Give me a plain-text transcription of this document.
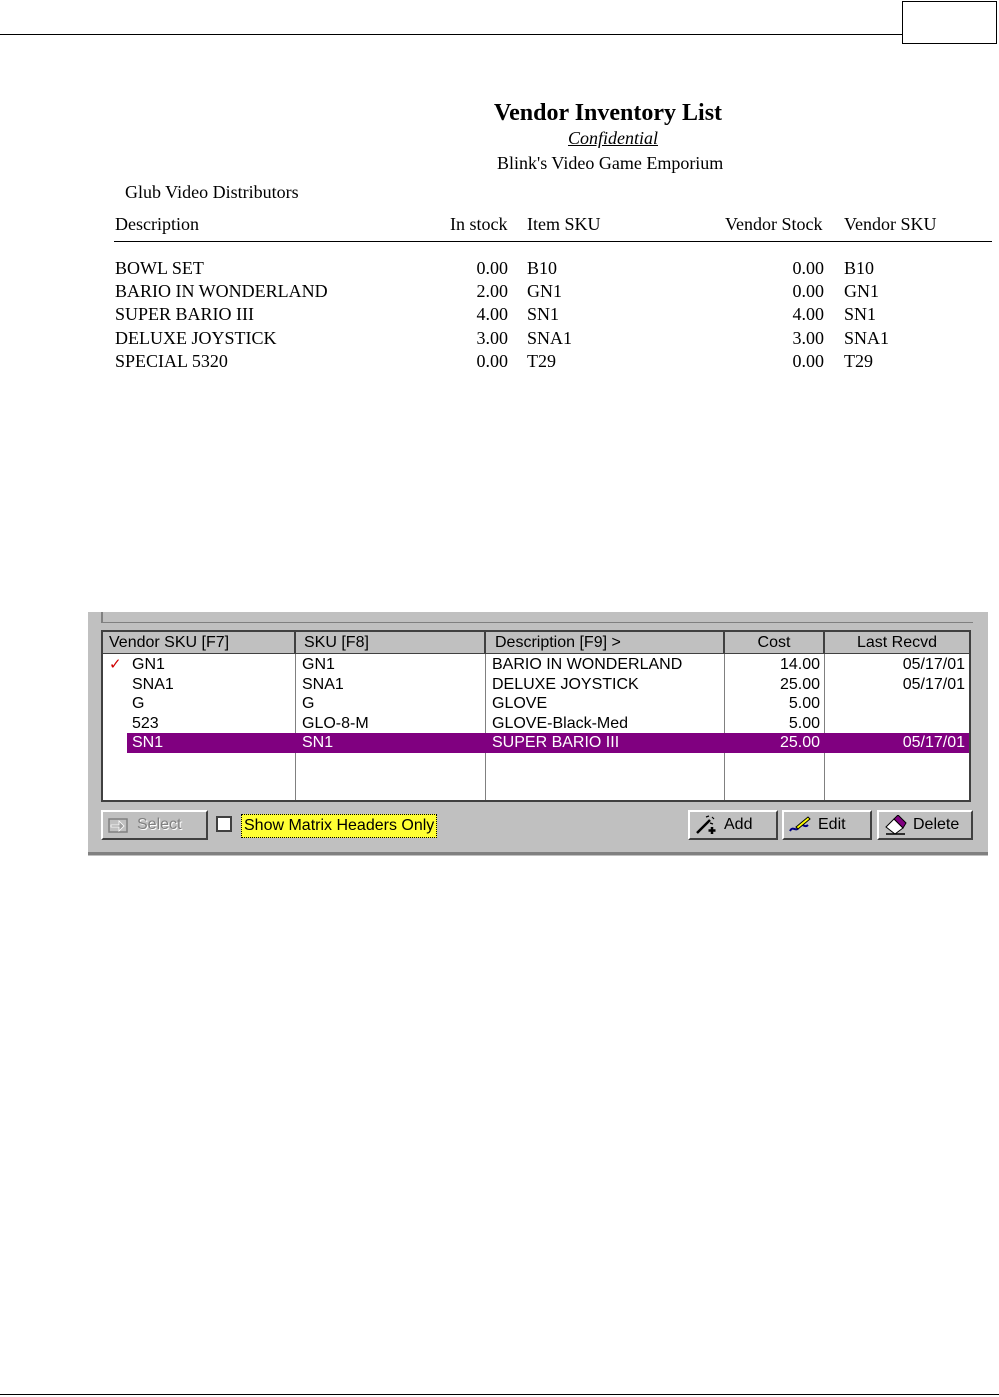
Vendor Inventory List
Confidential
Blink's Video Game Emporium
Glub Video Distributors
Description	In stock Item SKU	Vendor Stock Vendor SKU
BOWL SET	0.00 B10	0.00 B10
BARIO IN WONDERLAND	2.00 GN1	0.00 GN1
SUPER BARIO III	4.00 SN1	4.00 SN1
DELUXE JOYSTICK	3.00 SNA1	3.00 SNA1
SPECIAL 5320	0.00 T29	0.00 T29
Vendor SKU [F7]	SKU [F8]	Description [F9] >	Cost	Last Recvd
✓ GN1	GN1	BARIO IN WONDERLAND	14.00	05/17/01
SNA1	SNA1	DELUXE JOYSTICK	25.00	05/17/01
G	G	GLOVE	5.00
523	GLO-8-M	GLOVE-Black-Med	5.00
SN1	SN1	SUPER BARIO III	25.00	05/17/01
Select	Show Matrix Headers Only	Add	Edit	Delete
